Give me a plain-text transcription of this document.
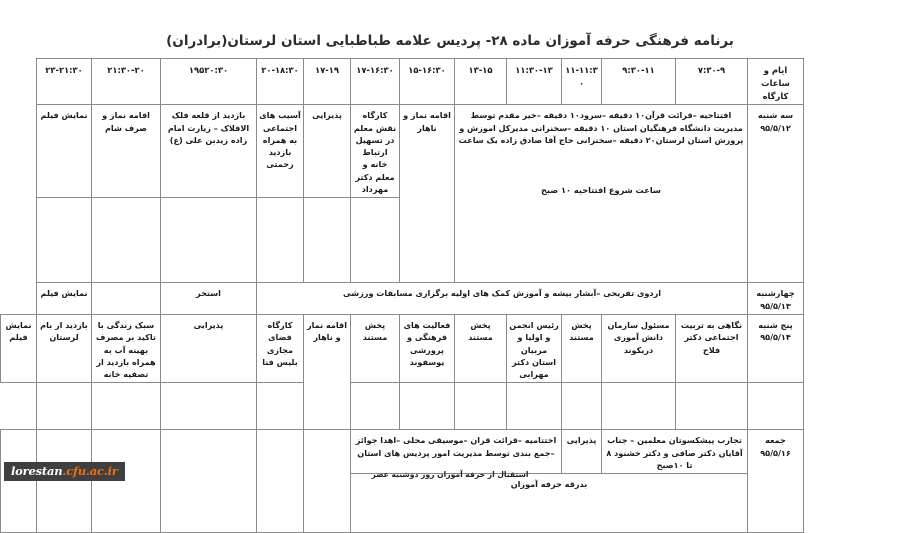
برنامه فرهنگی حرفه آموزان ماده ۲۸- پردیس علامه طباطبایی استان لرستان(برادران)
ایام و ساعات کارگاه	۷:۳۰-۹	۹:۳۰-۱۱	۱۱-۱۱:۳۰	۱۱:۳۰-۱۳	۱۳-۱۵	۱۵-۱۶:۳۰	۱۷-۱۶:۳۰	۱۷-۱۹	۲۰-۱۸:۳۰	۱۹۵۲۰:۳۰	۲۱:۳۰-۲۰	۲۳-۲۱:۳۰	
سه شنبه ۹۵/۵/۱۲	افتتاحیه –قرائت قرآن۱۰ دقیقه –سرود۱۰ دقیقه –خیر مقدم توسط مدیریت دانشگاه فرهنگیان استان ۱۰ دقیقه –سخنرانی مدیرکل اموزش و پرورش استان لرستان۲۰ دقیقه –سخنرانی حاج آقا صادق زاده یک ساعت
ساعت شروع افتتاحیه ۱۰ صبح					اقامه نماز و ناهار	کارگاه نقش معلم در تسهیل ارتباط خانه و معلم دکتر مهرداد	پذیرایی	آسیب های اجتماعی به همراه بازدید رحمتی	بازدید از قلعه فلک الافلاک – زیارت امام زاده زیدبن علی (ع)	اقامه نماز و صرف شام	نمایش فیلم	

چهارشنبه ۹۵/۵/۱۳	اردوی تفریحی –آبشار بیشه و آموزش کمک های اولیه برگزاری مسابقات ورزشی									استخر		نمایش فیلم	
پنج شنبه ۹۵/۵/۱۴	نگاهی به تربیت اجتماعی دکتر فلاح	مسئول سازمان دانش آموزی دریکوند	پخش مستند	رئیس انجمن و اولیا و مربیان استان دکتر مهرابی	پخش مستند	فعالیت های فرهنگی و پرورشی یوسفوند	پخش مستند	اقامه نماز و ناهار	کارگاه فضای مجازی بلیس فنا	پذیرایی	سبک زندگی با تاکید بر مصرف بهینه آب به همراه بازدید از تصفیه خانه	بازدید از بام لرستان	نمایش فیلم

جمعه ۹۵/۵/۱۶	تجارب پیشکسوتان معلمین – جناب آقایان دکتر صافی و دکتر خشنود ۸ تا ۱۰صبح		پذیرایی	اختتامیه –قرائت قران –موسیقی محلی –اهدا جوائز –جمع بندی توسط مدیریت امور پردیس های استان									
	بدرقه حرفه آموزان												
استقبال از حرفه آموزان روز دوشنبه عصر
lorestan.cfu.ac.ir
